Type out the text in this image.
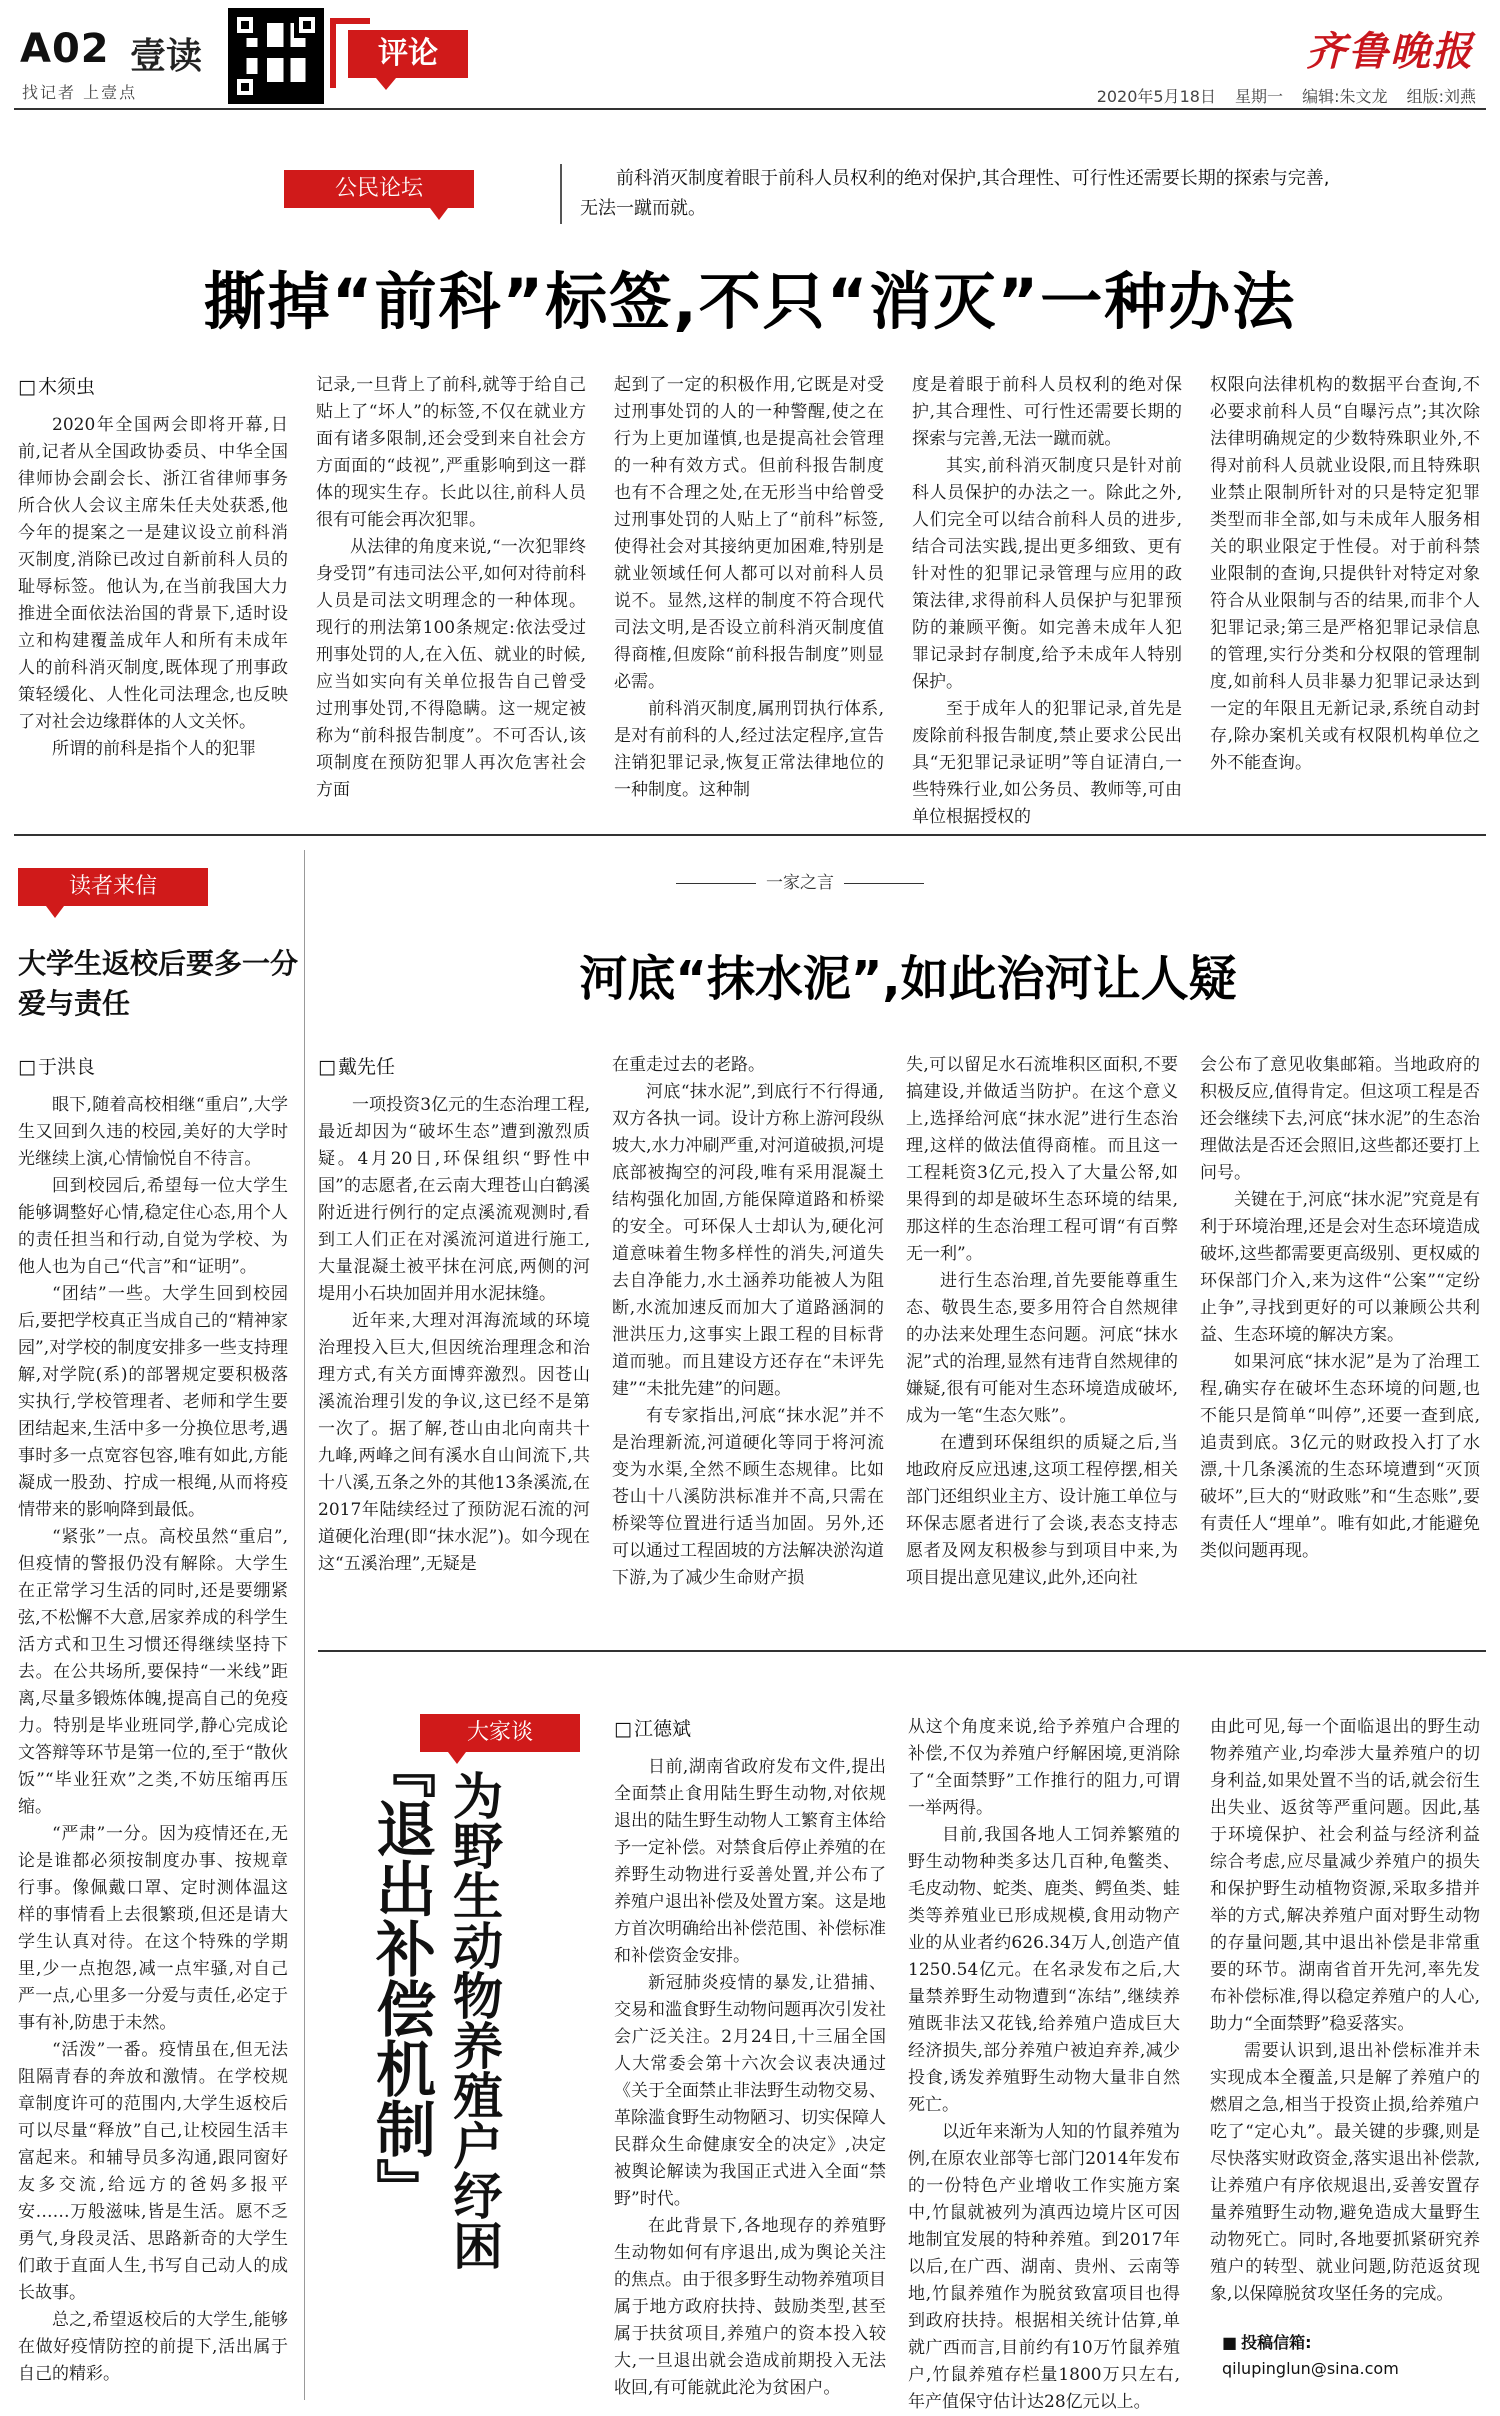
A02 壹读
找记者 上壹点
评论	齐鲁晚报
2020年5月18日 星期一 编辑:朱文龙 组版:刘燕
公民论坛	前科消灭制度着眼于前科人员权利的绝对保护,其合理性、可行性还需要长期的探索与完善,无法一蹴而就。
撕掉“前科”标签,不只“消灭”一种办法
□ 木须虫

2020年全国两会即将开幕,日前,记者从全国政协委员、中华全国律师协会副会长、浙江省律师事务所合伙人会议主席朱任夫处获悉,他今年的提案之一是建议设立前科消灭制度,消除已改过自新前科人员的耻辱标签。他认为,在当前我国大力推进全面依法治国的背景下,适时设立和构建覆盖成年人和所有未成年人的前科消灭制度,既体现了刑事政策轻缓化、人性化司法理念,也反映了对社会边缘群体的人文关怀。

所谓的前科是指个人的犯罪

记录,一旦背上了前科,就等于给自己贴上了“坏人”的标签,不仅在就业方面有诸多限制,还会受到来自社会方方面面的“歧视”,严重影响到这一群体的现实生存。长此以往,前科人员很有可能会再次犯罪。

从法律的角度来说,“一次犯罪终身受罚”有违司法公平,如何对待前科人员是司法文明理念的一种体现。现行的刑法第100条规定:依法受过刑事处罚的人,在入伍、就业的时候,应当如实向有关单位报告自己曾受过刑事处罚,不得隐瞒。这一规定被称为“前科报告制度”。不可否认,该项制度在预防犯罪人再次危害社会方面

起到了一定的积极作用,它既是对受过刑事处罚的人的一种警醒,使之在行为上更加谨慎,也是提高社会管理的一种有效方式。但前科报告制度也有不合理之处,在无形当中给曾受过刑事处罚的人贴上了“前科”标签,使得社会对其接纳更加困难,特别是就业领域任何人都可以对前科人员说不。显然,这样的制度不符合现代司法文明,是否设立前科消灭制度值得商榷,但废除“前科报告制度”则显必需。

前科消灭制度,属刑罚执行体系,是对有前科的人,经过法定程序,宣告注销犯罪记录,恢复正常法律地位的一种制度。这种制

度是着眼于前科人员权利的绝对保护,其合理性、可行性还需要长期的探索与完善,无法一蹴而就。

其实,前科消灭制度只是针对前科人员保护的办法之一。除此之外,人们完全可以结合前科人员的进步,结合司法实践,提出更多细致、更有针对性的犯罪记录管理与应用的政策法律,求得前科人员保护与犯罪预防的兼顾平衡。如完善未成年人犯罪记录封存制度,给予未成年人特别保护。

至于成年人的犯罪记录,首先是废除前科报告制度,禁止要求公民出具“无犯罪记录证明”等自证清白,一些特殊行业,如公务员、教师等,可由单位根据授权的

权限向法律机构的数据平台查询,不必要求前科人员“自曝污点”;其次除法律明确规定的少数特殊职业外,不得对前科人员就业设限,而且特殊职业禁止限制所针对的只是特定犯罪类型而非全部,如与未成年人服务相关的职业限定于性侵。对于前科禁业限制的查询,只提供针对特定对象符合从业限制与否的结果,而非个人犯罪记录;第三是严格犯罪记录信息的管理,实行分类和分权限的管理制度,如前科人员非暴力犯罪记录达到一定的年限且无新记录,系统自动封存,除办案机关或有权限机构单位之外不能查询。

读者来信
大学生返校后要多一分爱与责任
□ 于洪良

眼下,随着高校相继“重启”,大学生又回到久违的校园,美好的大学时光继续上演,心情愉悦自不待言。

回到校园后,希望每一位大学生能够调整好心情,稳定住心态,用个人的责任担当和行动,自觉为学校、为他人也为自己“代言”和“证明”。

“团结”一些。大学生回到校园后,要把学校真正当成自己的“精神家园”,对学校的制度安排多一些支持理解,对学院(系)的部署规定要积极落实执行,学校管理者、老师和学生要团结起来,生活中多一分换位思考,遇事时多一点宽容包容,唯有如此,方能凝成一股劲、拧成一根绳,从而将疫情带来的影响降到最低。

“紧张”一点。高校虽然“重启”,但疫情的警报仍没有解除。大学生在正常学习生活的同时,还是要绷紧弦,不松懈不大意,居家养成的科学生活方式和卫生习惯还得继续坚持下去。在公共场所,要保持“一米线”距离,尽量多锻炼体魄,提高自己的免疫力。特别是毕业班同学,静心完成论文答辩等环节是第一位的,至于“散伙饭”“毕业狂欢”之类,不妨压缩再压缩。

“严肃”一分。因为疫情还在,无论是谁都必须按制度办事、按规章行事。像佩戴口罩、定时测体温这样的事情看上去很繁琐,但还是请大学生认真对待。在这个特殊的学期里,少一点抱怨,减一点牢骚,对自己严一点,心里多一分爱与责任,必定于事有补,防患于未然。

“活泼”一番。疫情虽在,但无法阻隔青春的奔放和激情。在学校规章制度许可的范围内,大学生返校后可以尽量“释放”自己,让校园生活丰富起来。和辅导员多沟通,跟同窗好友多交流,给远方的爸妈多报平安……万般滋味,皆是生活。愿不乏勇气,身段灵活、思路新奇的大学生们敢于直面人生,书写自己动人的成长故事。

总之,希望返校后的大学生,能够在做好疫情防控的前提下,活出属于自己的精彩。

一家之言
河底“抹水泥”,如此治河让人疑
□ 戴先任

一项投资3亿元的生态治理工程,最近却因为“破坏生态”遭到激烈质疑。4月20日,环保组织“野性中国”的志愿者,在云南大理苍山白鹤溪附近进行例行的定点溪流观测时,看到工人们正在对溪流河道进行施工,大量混凝土被平抹在河底,两侧的河堤用小石块加固并用水泥抹缝。

近年来,大理对洱海流域的环境治理投入巨大,但因统治理理念和治理方式,有关方面博弈激烈。因苍山溪流治理引发的争议,这已经不是第一次了。据了解,苍山由北向南共十九峰,两峰之间有溪水自山间流下,共十八溪,五条之外的其他13条溪流,在2017年陆续经过了预防泥石流的河道硬化治理(即“抹水泥”)。如今现在这“五溪治理”,无疑是

在重走过去的老路。

河底“抹水泥”,到底行不行得通,双方各执一词。设计方称上游河段纵坡大,水力冲刷严重,对河道破损,河堤底部被掏空的河段,唯有采用混凝土结构强化加固,方能保障道路和桥梁的安全。可环保人士却认为,硬化河道意味着生物多样性的消失,河道失去自净能力,水土涵养功能被人为阻断,水流加速反而加大了道路涵洞的泄洪压力,这事实上跟工程的目标背道而驰。而且建设方还存在“未评先建”“未批先建”的问题。

有专家指出,河底“抹水泥”并不是治理新流,河道硬化等同于将河流变为水渠,全然不顾生态规律。比如苍山十八溪防洪标准并不高,只需在桥梁等位置进行适当加固。另外,还可以通过工程固坡的方法解决淤沟道下游,为了减少生命财产损

失,可以留足水石流堆积区面积,不要搞建设,并做适当防护。在这个意义上,选择给河底“抹水泥”进行生态治理,这样的做法值得商榷。而且这一工程耗资3亿元,投入了大量公帑,如果得到的却是破坏生态环境的结果,那这样的生态治理工程可谓“有百弊无一利”。

进行生态治理,首先要能尊重生态、敬畏生态,要多用符合自然规律的办法来处理生态问题。河底“抹水泥”式的治理,显然有违背自然规律的嫌疑,很有可能对生态环境造成破坏,成为一笔“生态欠账”。

在遭到环保组织的质疑之后,当地政府反应迅速,这项工程停摆,相关部门还组织业主方、设计施工单位与环保志愿者进行了会谈,表态支持志愿者及网友积极参与到项目中来,为项目提出意见建议,此外,还向社

会公布了意见收集邮箱。当地政府的积极反应,值得肯定。但这项工程是否还会继续下去,河底“抹水泥”的生态治理做法是否还会照旧,这些都还要打上问号。

关键在于,河底“抹水泥”究竟是有利于环境治理,还是会对生态环境造成破坏,这些都需要更高级别、更权威的环保部门介入,来为这件“公案”“定纷止争”,寻找到更好的可以兼顾公共利益、生态环境的解决方案。

如果河底“抹水泥”是为了治理工程,确实存在破坏生态环境的问题,也不能只是简单“叫停”,还要一查到底,追责到底。3亿元的财政投入打了水漂,十几条溪流的生态环境遭到“灭顶破坏”,巨大的“财政账”和“生态账”,要有责任人“埋单”。唯有如此,才能避免类似问题再现。

大家谈
为野生动物养殖户纾困
『退出补偿机制』
□ 江德斌

日前,湖南省政府发布文件,提出全面禁止食用陆生野生动物,对依规退出的陆生野生动物人工繁育主体给予一定补偿。对禁食后停止养殖的在养野生动物进行妥善处置,并公布了养殖户退出补偿及处置方案。这是地方首次明确给出补偿范围、补偿标准和补偿资金安排。

新冠肺炎疫情的暴发,让猎捕、交易和滥食野生动物问题再次引发社会广泛关注。2月24日,十三届全国人大常委会第十六次会议表决通过《关于全面禁止非法野生动物交易、革除滥食野生动物陋习、切实保障人民群众生命健康安全的决定》,决定被舆论解读为我国正式进入全面“禁野”时代。

在此背景下,各地现存的养殖野生动物如何有序退出,成为舆论关注的焦点。由于很多野生动物养殖项目属于地方政府扶持、鼓励类型,甚至属于扶贫项目,养殖户的资本投入较大,一旦退出就会造成前期投入无法收回,有可能就此沦为贫困户。

从这个角度来说,给予养殖户合理的补偿,不仅为养殖户纾解困境,更消除了“全面禁野”工作推行的阻力,可谓一举两得。

目前,我国各地人工饲养繁殖的野生动物种类多达几百种,龟鳖类、毛皮动物、蛇类、鹿类、鳄鱼类、蛙类等养殖业已形成规模,食用动物产业的从业者约626.34万人,创造产值1250.54亿元。在名录发布之后,大量禁养野生动物遭到“冻结”,继续养殖既非法又花钱,给养殖户造成巨大经济损失,部分养殖户被迫弃养,减少投食,诱发养殖野生动物大量非自然死亡。

以近年来渐为人知的竹鼠养殖为例,在原农业部等七部门2014年发布的一份特色产业增收工作实施方案中,竹鼠就被列为滇西边境片区可因地制宜发展的特种养殖。到2017年以后,在广西、湖南、贵州、云南等地,竹鼠养殖作为脱贫致富项目也得到政府扶持。根据相关统计估算,单就广西而言,目前约有10万竹鼠养殖户,竹鼠养殖存栏量1800万只左右,年产值保守估计达28亿元以上。

由此可见,每一个面临退出的野生动物养殖产业,均牵涉大量养殖户的切身利益,如果处置不当的话,就会衍生出失业、返贫等严重问题。因此,基于环境保护、社会利益与经济利益综合考虑,应尽量减少养殖户的损失和保护野生动植物资源,采取多措并举的方式,解决养殖户面对野生动物的存量问题,其中退出补偿是非常重要的环节。湖南省首开先河,率先发布补偿标准,得以稳定养殖户的人心,助力“全面禁野”稳妥落实。

需要认识到,退出补偿标准并未实现成本全覆盖,只是解了养殖户的燃眉之急,相当于投资止损,给养殖户吃了“定心丸”。最关键的步骤,则是尽快落实财政资金,落实退出补偿款,让养殖户有序依规退出,妥善安置存量养殖野生动物,避免造成大量野生动物死亡。同时,各地要抓紧研究养殖户的转型、就业问题,防范返贫现象,以保障脱贫攻坚任务的完成。

■ 投稿信箱:
qilupinglun@sina.com
